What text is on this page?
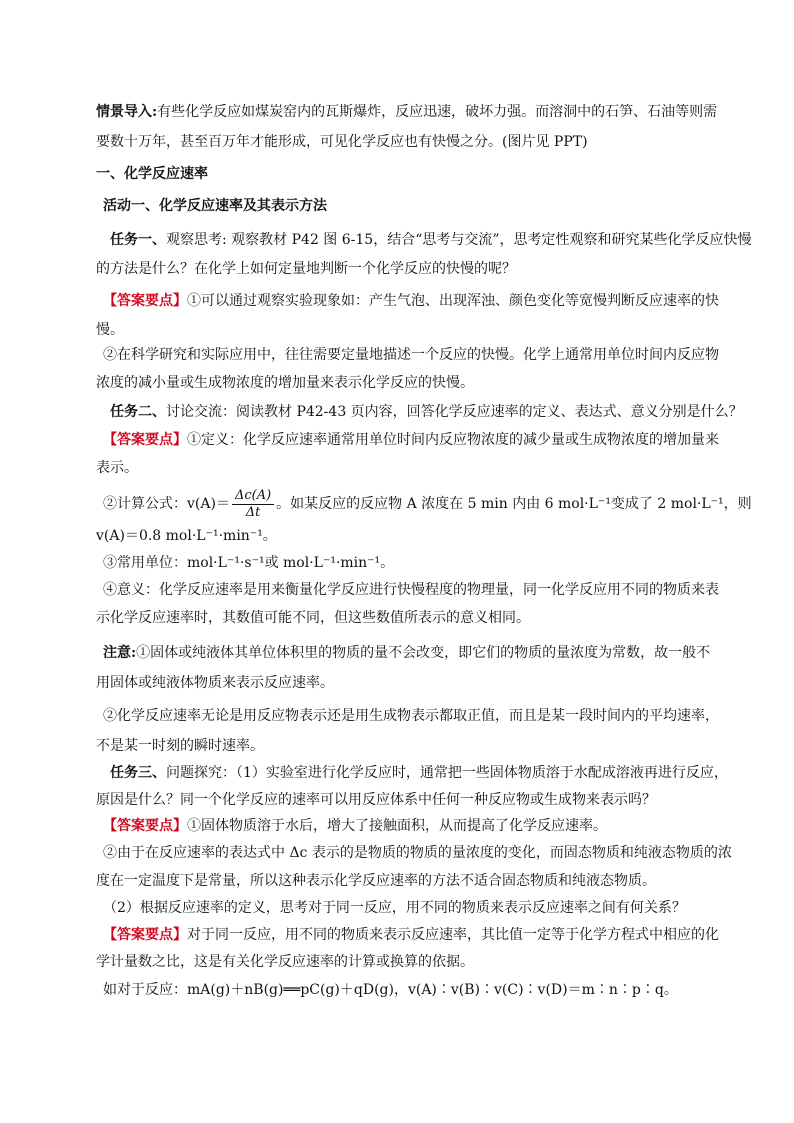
情景导入:有些化学反应如煤炭窑内的瓦斯爆炸，反应迅速，破坏力强。而溶洞中的石笋、石油等则需
要数十万年，甚至百万年才能形成，可见化学反应也有快慢之分。(图片见 PPT)
一、化学反应速率
活动一、化学反应速率及其表示方法
任务一、观察思考: 观察教材 P42 图 6-15，结合“思考与交流”，思考定性观察和研究某些化学反应快慢
的方法是什么？在化学上如何定量地判断一个化学反应的快慢的呢？
【答案要点】①可以通过观察实验现象如：产生气泡、出现浑浊、颜色变化等宽慢判断反应速率的快
慢。
②在科学研究和实际应用中，往往需要定量地描述一个反应的快慢。化学上通常用单位时间内反应物
浓度的减小量或生成物浓度的增加量来表示化学反应的快慢。
任务二、讨论交流：阅读教材 P42-43 页内容，回答化学反应速率的定义、表达式、意义分别是什么？
【答案要点】①定义：化学反应速率通常用单位时间内反应物浓度的减少量或生成物浓度的增加量来
表示。
②计算公式：$v(A)= \frac{\Delta c(A)}{\Delta t}$ 。如某反应的反应物 A 浓度在 5 min 内由 6 mol·L⁻¹变成了 2 mol·L⁻¹，则
v(A)＝0.8 mol·L⁻¹·min⁻¹。
③常用单位：mol·L⁻¹·s⁻¹或 mol·L⁻¹·min⁻¹。
④意义：化学反应速率是用来衡量化学反应进行快慢程度的物理量，同一化学反应用不同的物质来表
示化学反应速率时，其数值可能不同，但这些数值所表示的意义相同。
注意:①固体或纯液体其单位体积里的物质的量不会改变，即它们的物质的量浓度为常数，故一般不
用固体或纯液体物质来表示反应速率。
②化学反应速率无论是用反应物表示还是用生成物表示都取正值，而且是某一段时间内的平均速率，
不是某一时刻的瞬时速率。
任务三、问题探究：（1）实验室进行化学反应时，通常把一些固体物质溶于水配成溶液再进行反应，
原因是什么？同一个化学反应的速率可以用反应体系中任何一种反应物或生成物来表示吗？
【答案要点】①固体物质溶于水后，增大了接触面积，从而提高了化学反应速率。
②由于在反应速率的表达式中 Δc 表示的是物质的物质的量浓度的变化，而固态物质和纯液态物质的浓
度在一定温度下是常量，所以这种表示化学反应速率的方法不适合固态物质和纯液态物质。
（2）根据反应速率的定义，思考对于同一反应，用不同的物质来表示反应速率之间有何关系？
【答案要点】对于同一反应，用不同的物质来表示反应速率，其比值一定等于化学方程式中相应的化
学计量数之比，这是有关化学反应速率的计算或换算的依据。
如对于反应：mA(g)＋nB(g)══pC(g)＋qD(g)，v(A)∶v(B)∶v(C)∶v(D)＝m∶n∶p∶q。
